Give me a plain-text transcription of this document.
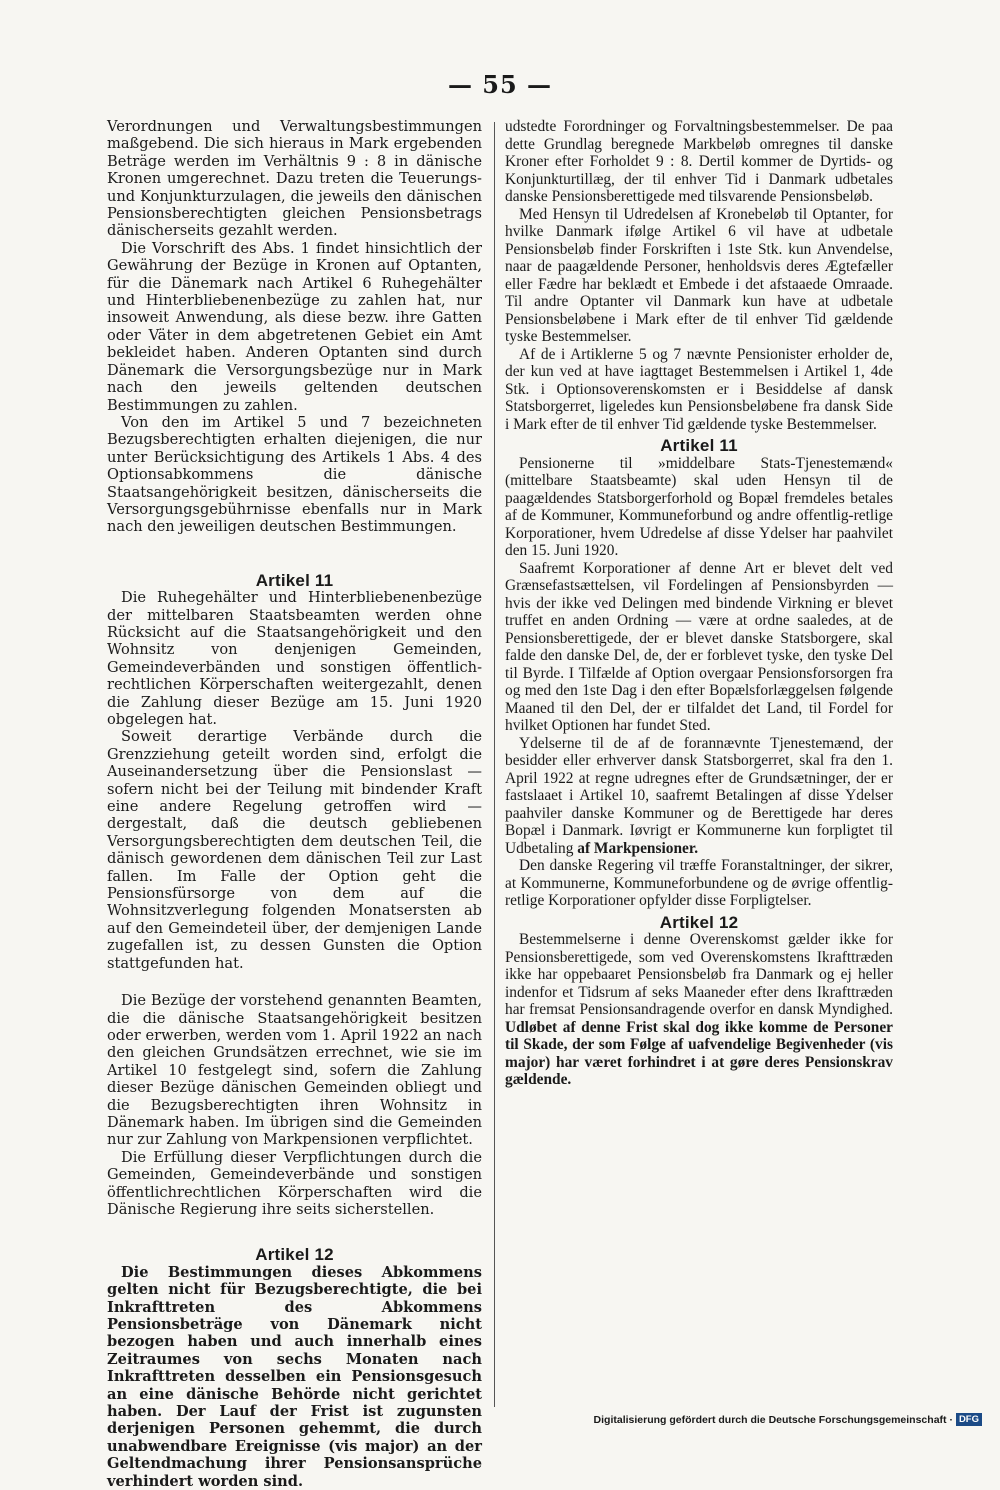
— 55 —

Verordnungen und Verwaltungsbestimmungen maßgebend. Die sich hieraus in Mark ergebenden Beträge werden im Verhältnis 9 : 8 in dänische Kronen umgerechnet. Dazu treten die Teuerungs- und Konjunkturzulagen, die jeweils den dänischen Pensionsberechtigten gleichen Pensionsbetrags dänischerseits gezahlt werden.

Die Vorschrift des Abs. 1 findet hinsichtlich der Gewährung der Bezüge in Kronen auf Optanten, für die Dänemark nach Artikel 6 Ruhegehälter und Hinterbliebenenbezüge zu zahlen hat, nur insoweit Anwendung, als diese bezw. ihre Gatten oder Väter in dem abgetretenen Gebiet ein Amt bekleidet haben. Anderen Optanten sind durch Dänemark die Versorgungsbezüge nur in Mark nach den jeweils geltenden deutschen Bestimmungen zu zahlen.

Von den im Artikel 5 und 7 bezeichneten Bezugsberechtigten erhalten diejenigen, die nur unter Berücksichtigung des Artikels 1 Abs. 4 des Optionsabkommens die dänische Staatsangehörigkeit besitzen, dänischerseits die Versorgungsgebührnisse ebenfalls nur in Mark nach den jeweiligen deutschen Bestimmungen.

Artikel 11

Die Ruhegehälter und Hinterbliebenenbezüge der mittelbaren Staatsbeamten werden ohne Rücksicht auf die Staatsangehörigkeit und den Wohnsitz von denjenigen Gemeinden, Gemeindeverbänden und sonstigen öffentlich-rechtlichen Körperschaften weitergezahlt, denen die Zahlung dieser Bezüge am 15. Juni 1920 obgelegen hat.

Soweit derartige Verbände durch die Grenzziehung geteilt worden sind, erfolgt die Auseinandersetzung über die Pensionslast — sofern nicht bei der Teilung mit bindender Kraft eine andere Regelung getroffen wird — dergestalt, daß die deutsch gebliebenen Versorgungsberechtigten dem deutschen Teil, die dänisch gewordenen dem dänischen Teil zur Last fallen. Im Falle der Option geht die Pensionsfürsorge von dem auf die Wohnsitzverlegung folgenden Monatsersten ab auf den Gemeindeteil über, der demjenigen Lande zugefallen ist, zu dessen Gunsten die Option stattgefunden hat.

Die Bezüge der vorstehend genannten Beamten, die die dänische Staatsangehörigkeit besitzen oder erwerben, werden vom 1. April 1922 an nach den gleichen Grundsätzen errechnet, wie sie im Artikel 10 festgelegt sind, sofern die Zahlung dieser Bezüge dänischen Gemeinden obliegt und die Bezugsberechtigten ihren Wohnsitz in Dänemark haben. Im übrigen sind die Gemeinden nur zur Zahlung von Markpensionen verpflichtet.

Die Erfüllung dieser Verpflichtungen durch die Gemeinden, Gemeindeverbände und sonstigen öffentlichrechtlichen Körperschaften wird die Dänische Regierung ihre seits sicherstellen.

Artikel 12

Die Bestimmungen dieses Abkommens gelten nicht für Bezugsberechtigte, die bei Inkrafttreten des Abkommens Pensionsbeträge von Dänemark nicht bezogen haben und auch innerhalb eines Zeitraumes von sechs Monaten nach Inkrafttreten desselben ein Pensionsgesuch an eine dänische Behörde nicht gerichtet haben. Der Lauf der Frist ist zugunsten derjenigen Personen gehemmt, die durch unabwendbare Ereignisse (vis major) an der Geltendmachung ihrer Pensionsansprüche verhindert worden sind.

udstedte Forordninger og Forvaltningsbestemmelser. De paa dette Grundlag beregnede Markbeløb omregnes til danske Kroner efter Forholdet 9 : 8. Dertil kommer de Dyrtids- og Konjunkturtillæg, der til enhver Tid i Danmark udbetales danske Pensionsberettigede med tilsvarende Pensionsbeløb.

Med Hensyn til Udredelsen af Kronebeløb til Optanter, for hvilke Danmark ifølge Artikel 6 vil have at udbetale Pensionsbeløb finder Forskriften i 1ste Stk. kun Anvendelse, naar de paagældende Personer, henholdsvis deres Ægtefæller eller Fædre har beklædt et Embede i det afstaaede Omraade. Til andre Optanter vil Danmark kun have at udbetale Pensionsbeløbene i Mark efter de til enhver Tid gældende tyske Bestemmelser.

Af de i Artiklerne 5 og 7 nævnte Pensionister erholder de, der kun ved at have iagttaget Bestemmelsen i Artikel 1, 4de Stk. i Optionsoverenskomsten er i Besiddelse af dansk Statsborgerret, ligeledes kun Pensionsbeløbene fra dansk Side i Mark efter de til enhver Tid gældende tyske Bestemmelser.

Artikel 11

Pensionerne til »middelbare Stats-Tjenestemænd« (mittelbare Staatsbeamte) skal uden Hensyn til de paagældendes Statsborgerforhold og Bopæl fremdeles betales af de Kommuner, Kommuneforbund og andre offentlig-retlige Korporationer, hvem Udredelse af disse Ydelser har paahvilet den 15. Juni 1920.

Saafremt Korporationer af denne Art er blevet delt ved Grænsefastsættelsen, vil Fordelingen af Pensionsbyrden — hvis der ikke ved Delingen med bindende Virkning er blevet truffet en anden Ordning — være at ordne saaledes, at de Pensionsberettigede, der er blevet danske Statsborgere, skal falde den danske Del, de, der er forblevet tyske, den tyske Del til Byrde. I Tilfælde af Option overgaar Pensionsforsorgen fra og med den 1ste Dag i den efter Bopælsforlæggelsen følgende Maaned til den Del, der er tilfaldet det Land, til Fordel for hvilket Optionen har fundet Sted.

Ydelserne til de af de forannævnte Tjenestemænd, der besidder eller erhverver dansk Statsborgerret, skal fra den 1. April 1922 at regne udregnes efter de Grundsætninger, der er fastslaaet i Artikel 10, saafremt Betalingen af disse Ydelser paahviler danske Kommuner og de Berettigede har deres Bopæl i Danmark. Iøvrigt er Kommunerne kun forpligtet til Udbetaling af Markpensioner.

Den danske Regering vil træffe Foranstaltninger, der sikrer, at Kommunerne, Kommuneforbundene og de øvrige offentlig-retlige Korporationer opfylder disse Forpligtelser.

Artikel 12

Bestemmelserne i denne Overenskomst gælder ikke for Pensionsberettigede, som ved Overenskomstens Ikrafttræden ikke har oppebaaret Pensionsbeløb fra Danmark og ej heller indenfor et Tidsrum af seks Maaneder efter dens Ikrafttræden har fremsat Pensionsandragende overfor en dansk Myndighed. Udløbet af denne Frist skal dog ikke komme de Personer til Skade, der som Følge af uafvendelige Begivenheder (vis major) har været forhindret i at gøre deres Pensionskrav gældende.

Digitalisierung gefördert durch die Deutsche Forschungsgemeinschaft · DFG
